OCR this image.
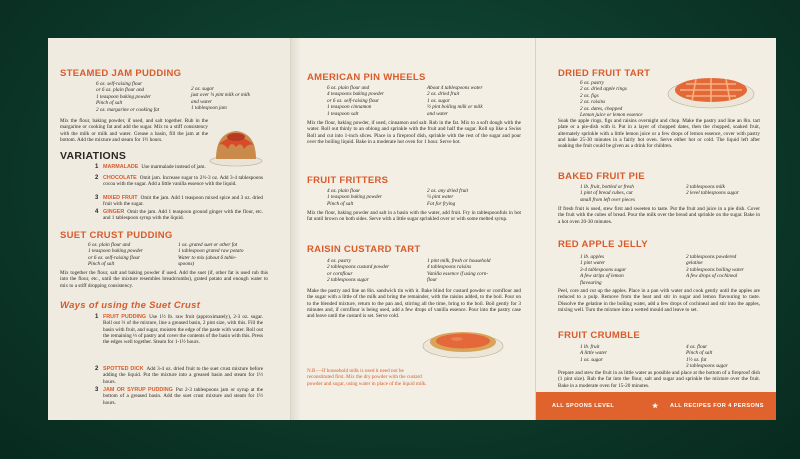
STEAMED JAM PUDDING
6 oz. self-raising flour
or 6 oz. plain flour and
1 teaspoon baking powder
Pinch of salt
2 oz. margarine or cooking fat
2 oz. sugar
just over ¼ pint milk or milk
and water
1 tablespoon jam
Mix the flour, baking powder, if used, and salt together. Rub in the margarine or cooking fat and add the sugar. Mix to a stiff consistency with the milk or milk and water. Grease a basin, fill the jam at the bottom. Add the mixture and steam for 1½ hours.
VARIATIONS
1 MARMALADE Use marmalade instead of jam.
2 CHOCOLATE Omit jam. Increase sugar to 2½-3 oz. Add 3-4 tablespoons cocoa with the sugar. Add a little vanilla essence with the liquid.
3 MIXED FRUIT Omit the jam. Add 1 teaspoon mixed spice and 3 oz. dried fruit with the sugar.
4 GINGER Omit the jam. Add 1 teaspoon ground ginger with the flour, etc. and 1 tablespoon syrup with the liquid.
SUET CRUST PUDDING
6 oz. plain flour and
1 teaspoon baking powder
or 6 oz. self-raising flour
Pinch of salt
1 oz. grated suet or other fat
1 tablespoon grated raw potato
Water to mix (about 6 table-
spoons)
Mix together the flour, salt and baking powder if used. Add the suet (if, other fat is used rub this into the flour, etc., until the mixture resembles breadcrumbs), grated potato and enough water to mix to a stiff dropping consistency.
Ways of using the Suet Crust
1 FRUIT PUDDING Use 1½ lb. raw fruit (approximately), 2-3 oz. sugar. Roll out ⅔ of the mixture, line a greased basin, 2 pint size, with this. Fill the basin with fruit, and sugar, moisten the edge of the paste with water. Roll out the remaining ⅓ of pastry and cover the contents of the basin with this. Press the edges well together. Steam for 1-1½ hours.
2 SPOTTED DICK Add 3-4 oz. dried fruit to the suet crust mixture before adding the liquid. Put the mixture into a greased basin and steam for 1½ hours.
3 JAM OR SYRUP PUDDING Put 2-3 tablespoons jam or syrup at the bottom of a greased basin. Add the suet crust mixture and steam for 1½ hours.
AMERICAN PIN WHEELS
6 oz. plain flour and
4 teaspoons baking powder
or 6 oz. self-raising flour
1 teaspoon cinnamon
1 teaspoon salt
About 4 tablespoons water
2 oz. dried fruit
1 oz. sugar
½ pint boiling milk or milk
and water
Mix the flour, baking powder, if used, cinnamon and salt. Rub in the fat. Mix to a soft dough with the water. Roll out thinly to an oblong and sprinkle with the fruit and half the sugar. Roll up like a Swiss Roll and cut into 1-inch slices. Place in a fireproof dish, sprinkle with the rest of the sugar and pour over the boiling liquid. Bake in a moderate hot oven for 1 hour. Serve hot.
FRUIT FRITTERS
4 oz. plain flour
1 teaspoon baking powder
Pinch of salt
2 oz. any dried fruit
¼ pint water
Fat for frying
Mix the flour, baking powder and salt in a basin with the water, add fruit. Fry in tablespoonfuls in hot fat until brown on both sides. Serve with a little sugar sprinkled over or with some melted syrup.
RAISIN CUSTARD TART
4 oz. pastry
2 tablespoons custard powder
or cornflour
2 tablespoons sugar
1 pint milk, fresh or household
4 tablespoons raisins
Vanilla essence if using corn-
flour
Make the pastry and line an 8in. sandwich tin with it. Bake blind for custard powder or cornflour and the sugar with a little of the milk and bring the remainder, with the raisins added, to the boil. Pour on to the blended mixture, return to the pan and, stirring all the time, bring to the boil. Boil gently for 3 minutes and, if cornflour is being used, add a few drops of vanilla essence. Pour into the pastry case and leave until the custard is set. Serve cold.
N.B.—If household milk is used it need not be reconstituted first. Mix the dry powder with the custard powder and sugar, using water in place of the liquid milk.
DRIED FRUIT TART
6 oz. pastry
2 oz. dried apple rings
2 oz. figs
2 oz. raisins
2 oz. dates, chopped
Lemon juice or lemon essence
Soak the apple rings, figs and raisins overnight and chop. Make the pastry and line an 8in. tart plate or a pie-dish with it. Put in a layer of chopped dates, then the chopped, soaked fruit, alternately sprinkle with a little lemon juice or a few drops of lemon essence, cover with pastry and bake 25-30 minutes in a fairly hot oven. Serve either hot or cold. The liquid left after soaking the fruit could be given as a drink for children.
BAKED FRUIT PIE
1 lb. fruit, bottled or fresh
1 pint of bread cubes, cut
small from left over pieces
3 tablespoons milk
2 level tablespoons sugar
If fresh fruit is used, stew first and sweeten to taste. Put the fruit and juice in a pie dish. Cover the fruit with the cubes of bread. Pour the milk over the bread and sprinkle on the sugar. Bake in a hot oven 20-30 minutes.
RED APPLE JELLY
1 lb. apples
1 pint water
3-4 tablespoons sugar
A few strips of lemon
flavouring
2 tablespoons powdered
gelatine
3 tablespoons boiling water
A few drops of cochineal
Peel, core and cut up the apples. Place in a pan with water and cook gently until the apples are reduced to a pulp. Remove from the heat and stir in sugar and lemon flavouring to taste. Dissolve the gelatine in the boiling water, add a few drops of cochineal and stir into the apples, mixing well. Turn the mixture into a wetted mould and leave to set.
FRUIT CRUMBLE
1 lb. fruit
A little water
1 oz. sugar
4 oz. flour
Pinch of salt
1½ oz. fat
3 tablespoons sugar
Prepare and stew the fruit in as little water as possible and place at the bottom of a fireproof dish (1 pint size). Rub the fat into the flour, salt and sugar and sprinkle the mixture over the fruit. Bake in a moderate oven for 15-20 minutes.
ALL SPOONS LEVEL	★ ALL RECIPES FOR 4 PERSONS
